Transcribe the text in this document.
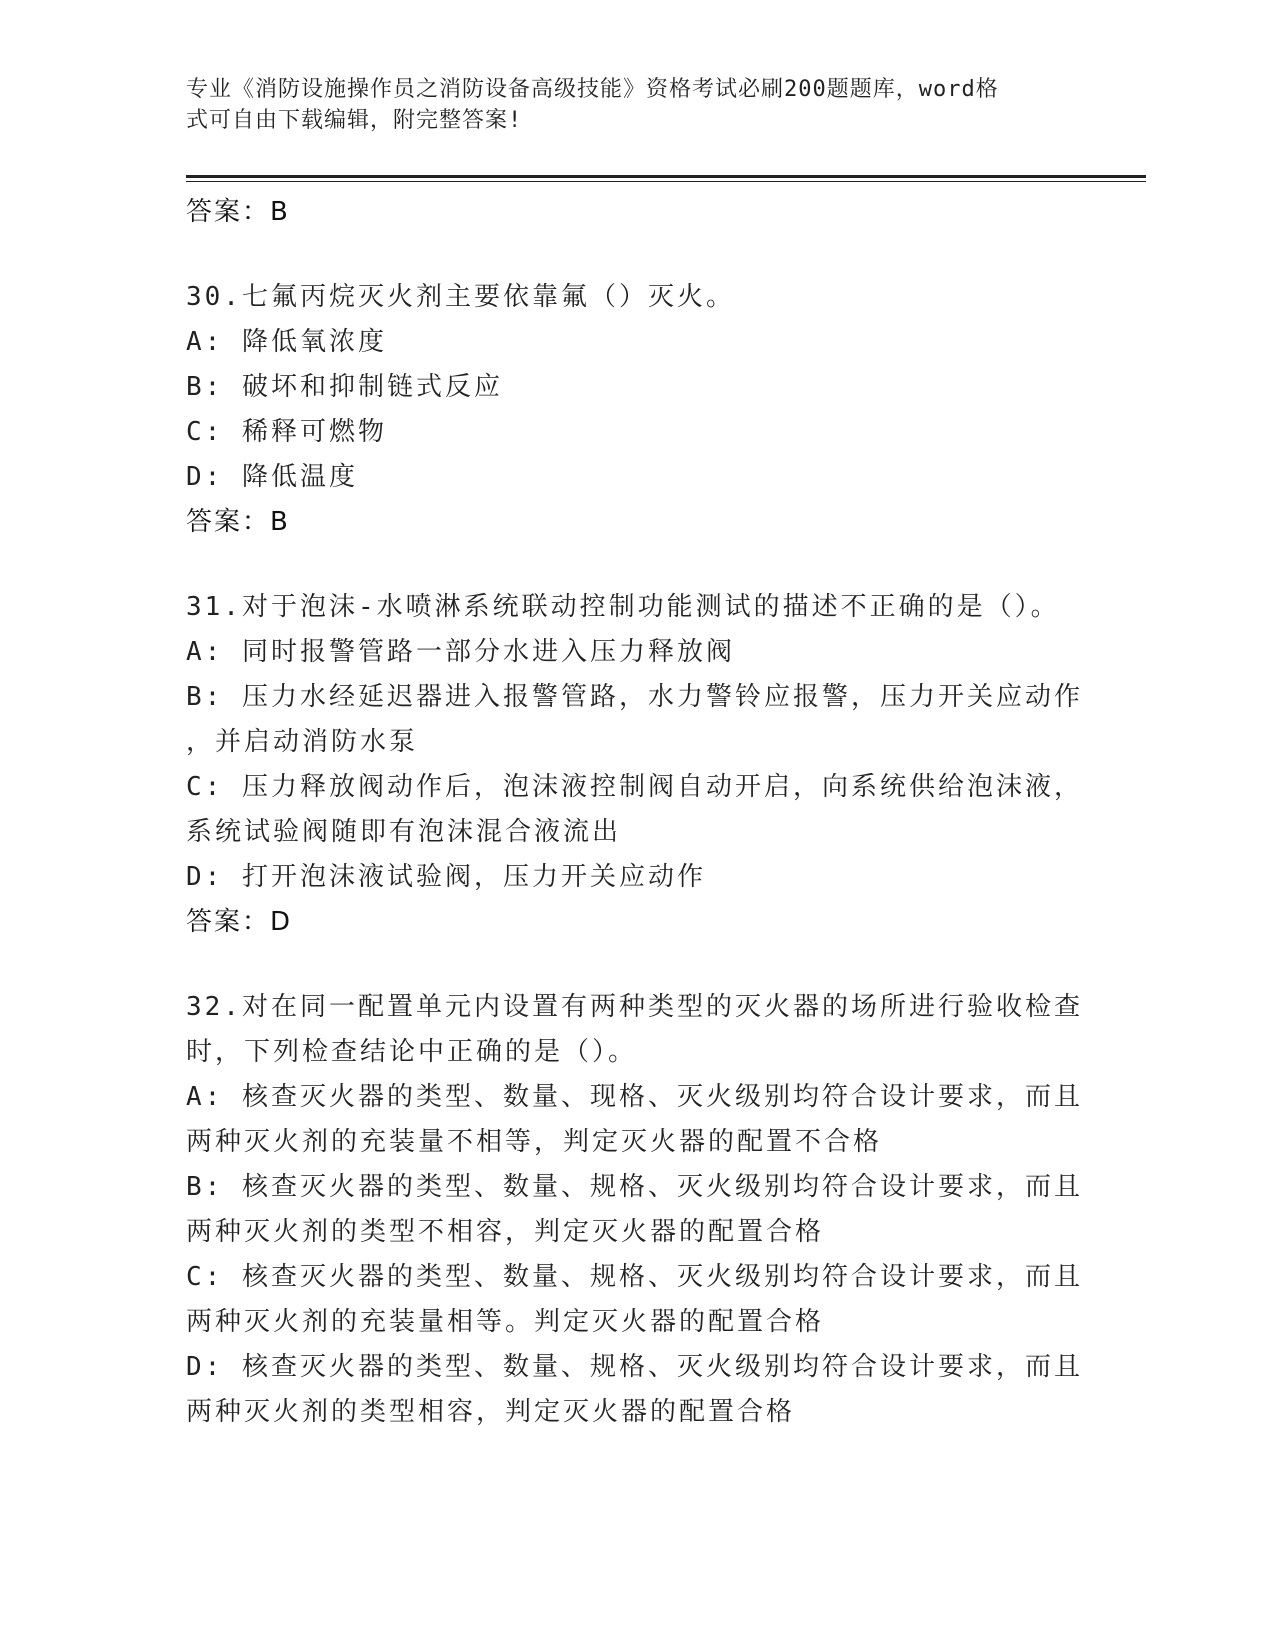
专业《消防设施操作员之消防设备高级技能》资格考试必刷200题题库，word格
式可自由下载编辑，附完整答案!
答案：B
30.七氟丙烷灭火剂主要依靠氟（）灭火。
A: 降低氧浓度
B: 破坏和抑制链式反应
C: 稀释可燃物
D: 降低温度
答案：B
31.对于泡沫-水喷淋系统联动控制功能测试的描述不正确的是（）。
A: 同时报警管路一部分水进入压力释放阀
B: 压力水经延迟器进入报警管路，水力警铃应报警，压力开关应动作
，并启动消防水泵
C: 压力释放阀动作后，泡沫液控制阀自动开启，向系统供给泡沫液，
系统试验阀随即有泡沫混合液流出
D: 打开泡沫液试验阀，压力开关应动作
答案：D
32.对在同一配置单元内设置有两种类型的灭火器的场所进行验收检查
时，下列检查结论中正确的是（）。
A: 核查灭火器的类型、数量、现格、灭火级别均符合设计要求，而且
两种灭火剂的充装量不相等，判定灭火器的配置不合格
B: 核查灭火器的类型、数量、规格、灭火级别均符合设计要求，而且
两种灭火剂的类型不相容，判定灭火器的配置合格
C: 核查灭火器的类型、数量、规格、灭火级别均符合设计要求，而且
两种灭火剂的充装量相等。判定灭火器的配置合格
D: 核查灭火器的类型、数量、规格、灭火级别均符合设计要求，而且
两种灭火剂的类型相容，判定灭火器的配置合格
